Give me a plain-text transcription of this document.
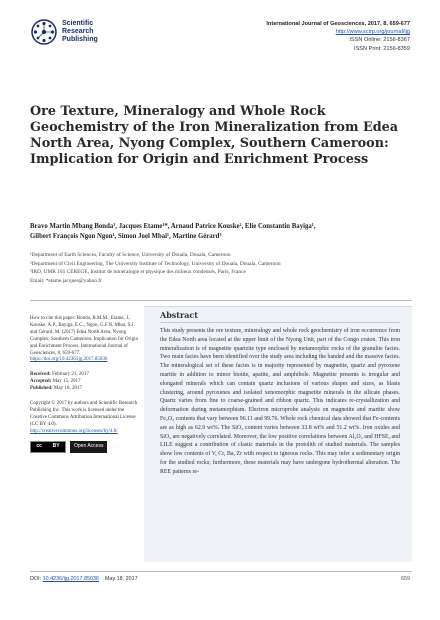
Scientific
Research
Publishing
International Journal of Geosciences, 2017, 8, 659-677
http://www.scirp.org/journal/ijg
ISSN Online: 2156-8367
ISSN Print: 2156-8359
Ore Texture, Mineralogy and Whole Rock Geochemistry of the Iron Mineralization from Edea North Area, Nyong Complex, Southern Cameroon: Implication for Origin and Enrichment Process
Bravo Martin Mbang Bonda¹, Jacques Etame¹*, Arnaud Patrice Kouske², Elie Constantin Bayiga¹,
Gilbert François Ngon Ngon¹, Simon Joel Mbai¹, Martine Gérard³
¹Department of Earth Sciences, Faculty of Science, University of Douala, Douala, Cameroon
²Department of Civil Engineering, The University Institute of Technology, University of Douala, Douala, Cameroon
³IRD, UMR 161 CEREGE, Institut de minéralogie et physique des milieux condensés, Paris, France
Email: *etame.jacques@yahoo.fr
How to cite this paper: Bonda, B.M.M., Etame, J., Kouske, A.P., Bayiga, E.C., Ngon, G.F.N. Mbai, S.J. and Gérard, M. (2017) Edea North Area, Nyong Complex, Southern Cameroon: Implication for Origin and Enrichment Process. International Journal of Geosciences, 8, 659-677.
https://doi.org/10.4236/ijg.2017.85036
Received: February 21, 2017
Accepted: May 15, 2017
Published: May 18, 2017
Copyright © 2017 by authors and Scientific Research Publishing Inc. This work is licensed under the Creative Commons Attribution International License (CC BY 4.0).
http://creativecommons.org/licenses/by/4.0/
cc BY	Open Access
Abstract
This study presents the ore texture, mineralogy and whole rock geochemistry of iron occurrence from the Edea North area located at the upper limit of the Nyong Unit, part of the Congo craton. This iron mineralization is of magnetite quartzite type enclosed by metamorphic rocks of the granulite facies. Two main facies have been identified over the study area including the banded and the massive facies. The mineralogical set of these facies is in majority represented by magnetite, quartz and pyroxene martite in addition to minor biotite, apatite, and amphibole. Magnetite presents is irregular and elongated minerals which can contain quartz inclusions of various shapes and sizes, as blasts clustering, around pyroxenes and isolated xenomorphic magnetite minerals in the silicate phases. Quartz varies from fine to coarse-grained and ribbon quartz. This indicates re-crystallization and deformation during metamorphism. Electron microprobe analysis on magnetite and martite show Fe₂O₃ contents that vary between 96.11 and 99.76. Whole rock chemical data showed that Fe-contents are as high as 62.9 wt%. The SiO₂ content varies between 33.8 wt% and 51.2 wt%. Iron oxides and SiO₂ are negatively correlated. Moreover, the low positive correlations between Al₂O₃ and HFSE, and LILE suggest a contribution of clastic materials in the protolith of studied materials. The samples show low contents of V, Cr, Ba, Zr with respect to igneous rocks. This may infer a sedimentary origin for the studied rocks; furthermore, these materials may have undergone hydrothermal alteration. The REE patterns re-
DOI: 10.4236/ijg.2017.85036 May 18, 2017	659
